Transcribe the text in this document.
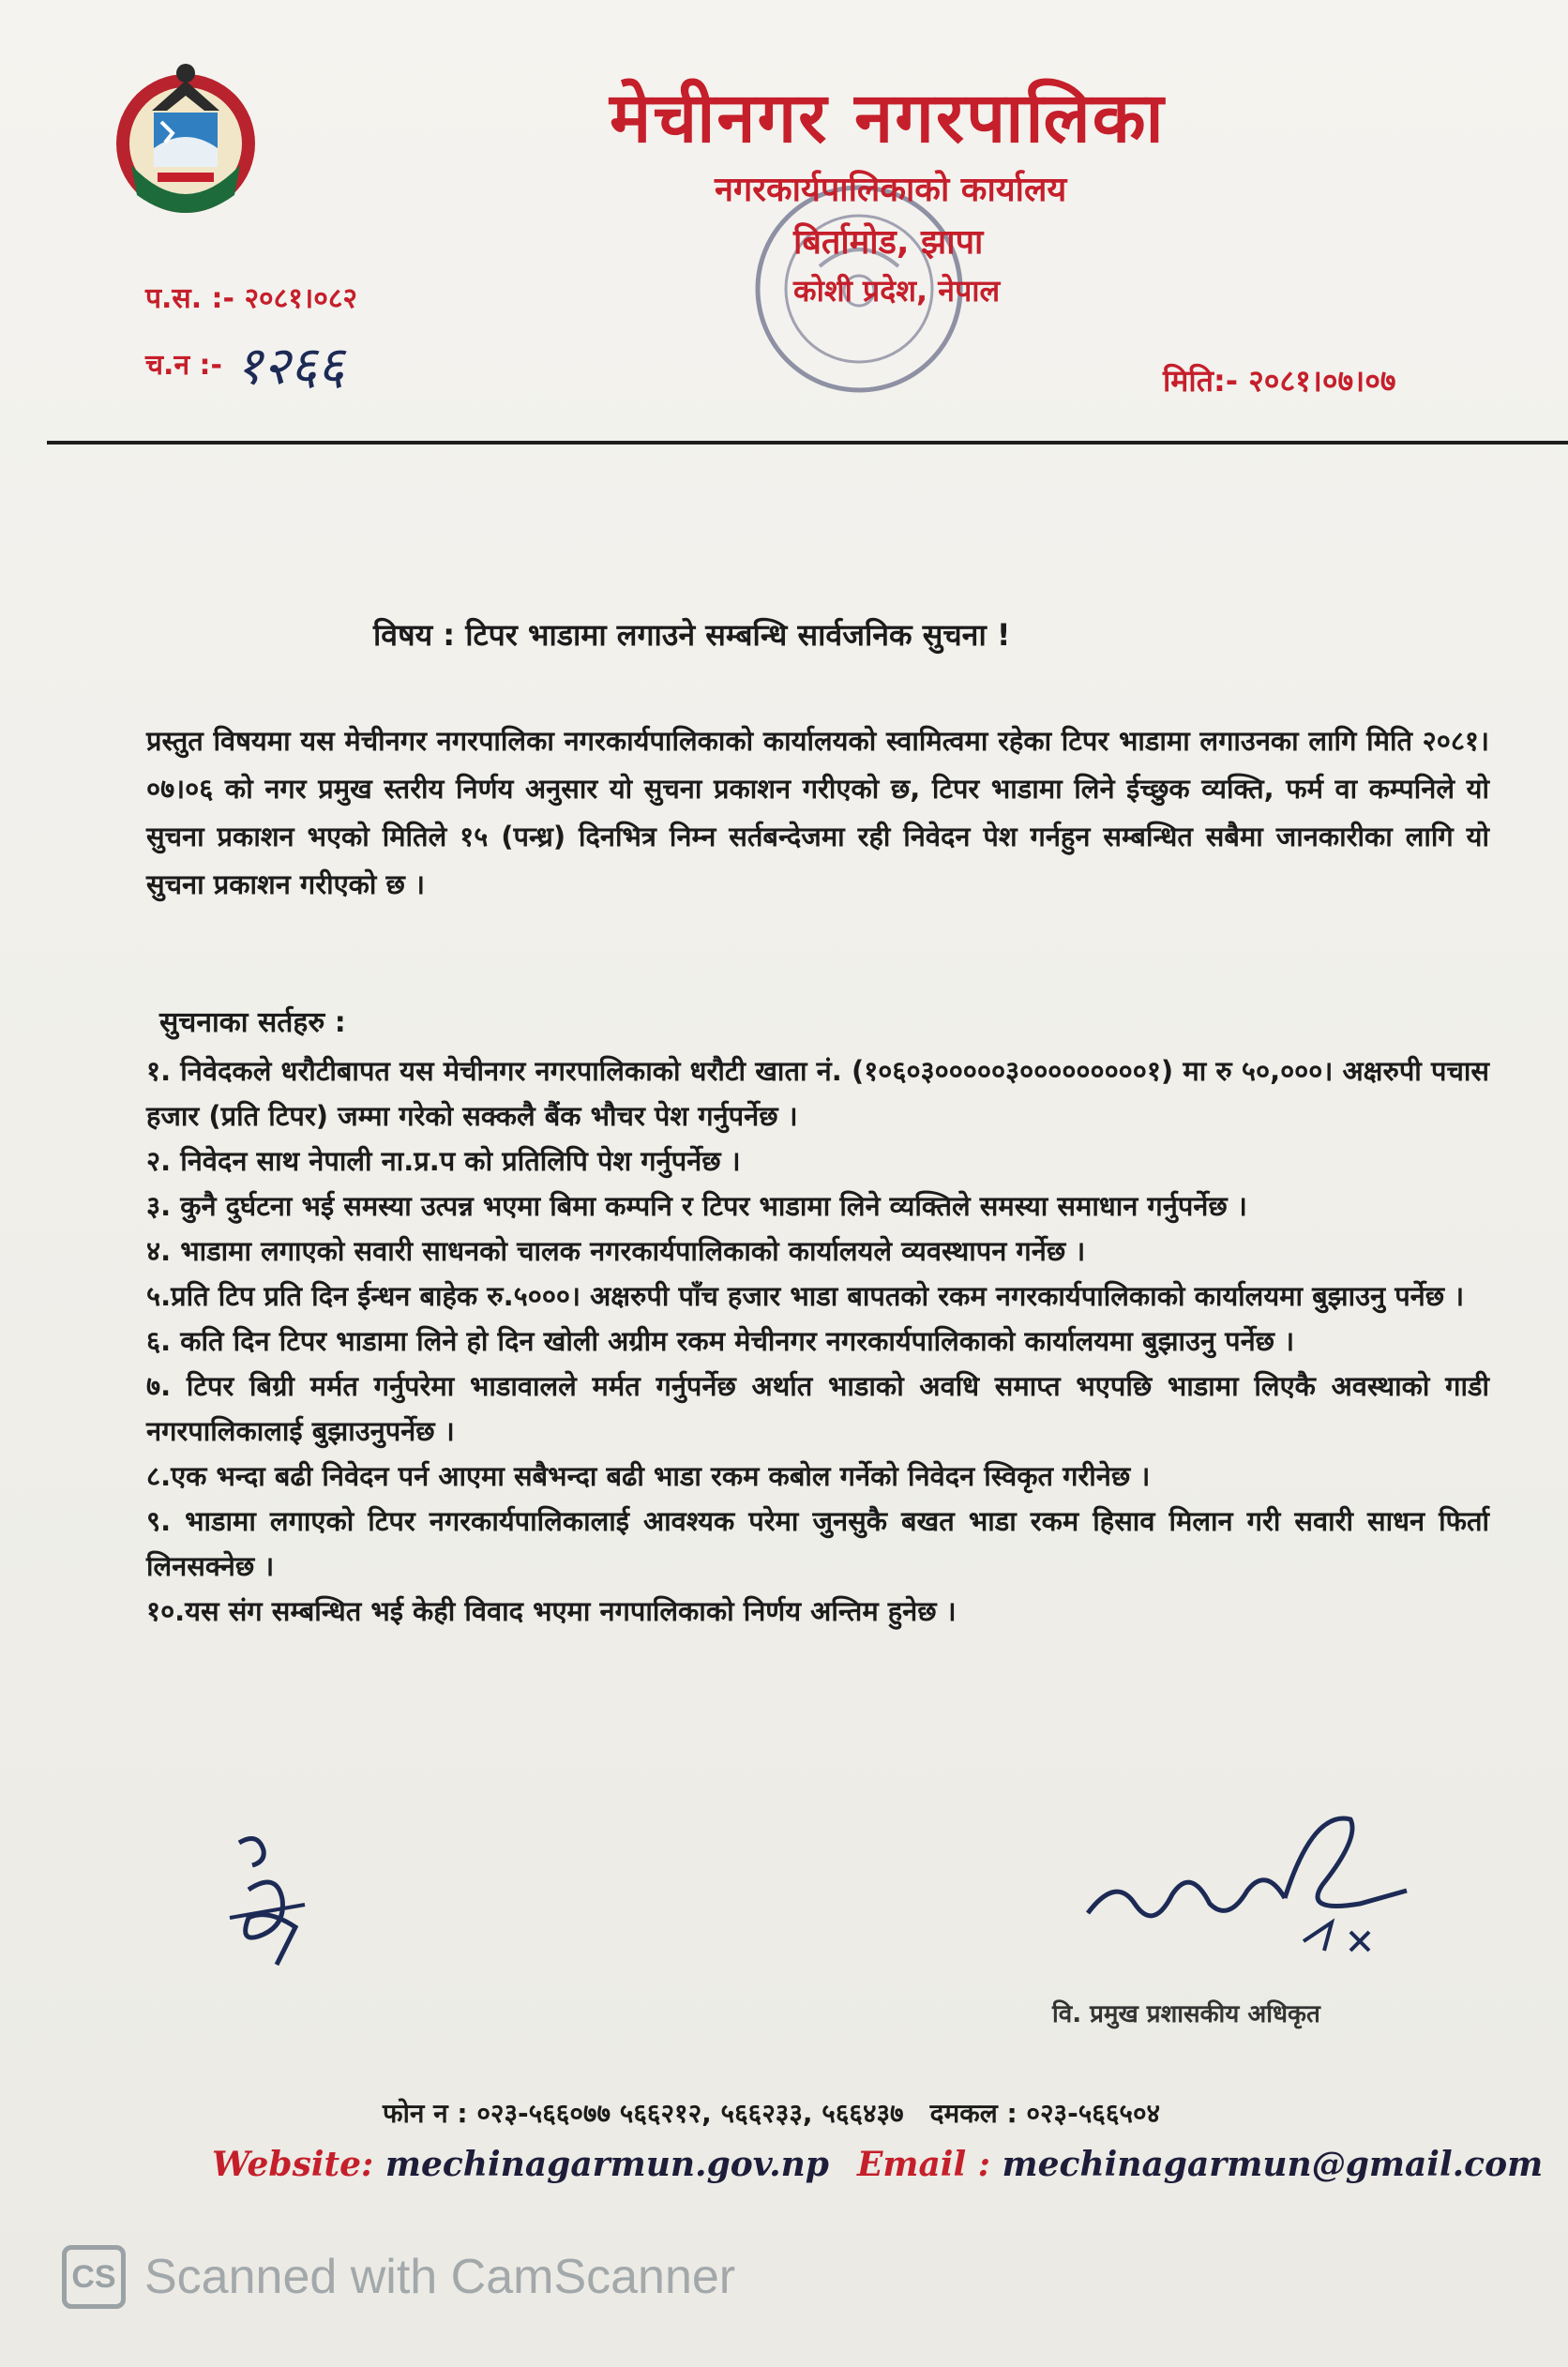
मेचीनगर नगरपालिका
नगरकार्यपालिकाको कार्यालय
बिर्तामोड, झापा
कोशी प्रदेश, नेपाल
प.स. :- २०८१।०८२
च.न :- १२६६	मिति:- २०८१।०७।०७
विषय : टिपर भाडामा लगाउने सम्बन्धि सार्वजनिक सुचना !
प्रस्तुत विषयमा यस मेचीनगर नगरपालिका नगरकार्यपालिकाको कार्यालयको स्वामित्वमा रहेका टिपर भाडामा लगाउनका लागि मिति २०८१।०७।०६ को नगर प्रमुख स्तरीय निर्णय अनुसार यो सुचना प्रकाशन गरीएको छ, टिपर भाडामा लिने ईच्छुक व्यक्ति, फर्म वा कम्पनिले यो सुचना प्रकाशन भएको मितिले १५ (पन्ध्र) दिनभित्र निम्न सर्तबन्देजमा रही निवेदन पेश गर्नहुन सम्बन्धित सबैमा जानकारीका लागि यो सुचना प्रकाशन गरीएको छ ।
सुचनाका सर्तहरु :
१. निवेदकले धरौटीबापत यस मेचीनगर नगरपालिकाको धरौटी खाता नं. (१०६०३०००००३०००००००००१) मा रु ५०,०००। अक्षरुपी पचास हजार (प्रति टिपर) जम्मा गरेको सक्कलै बैंक भौचर पेश गर्नुपर्नेछ ।
२. निवेदन साथ नेपाली ना.प्र.प को प्रतिलिपि पेश गर्नुपर्नेछ ।
३. कुनै दुर्घटना भई समस्या उत्पन्न भएमा बिमा कम्पनि र टिपर भाडामा लिने व्यक्तिले समस्या समाधान गर्नुपर्नेछ ।
४. भाडामा लगाएको सवारी साधनको चालक नगरकार्यपालिकाको कार्यालयले व्यवस्थापन गर्नेछ ।
५.प्रति टिप प्रति दिन ईन्धन बाहेक रु.५०००। अक्षरुपी पाँच हजार भाडा बापतको रकम नगरकार्यपालिकाको कार्यालयमा बुझाउनु पर्नेछ ।
६. कति दिन टिपर भाडामा लिने हो दिन खोली अग्रीम रकम मेचीनगर नगरकार्यपालिकाको कार्यालयमा बुझाउनु पर्नेछ ।
७. टिपर बिग्री मर्मत गर्नुपरेमा भाडावालले मर्मत गर्नुपर्नेछ अर्थात भाडाको अवधि समाप्त भएपछि भाडामा लिएकै अवस्थाको गाडी नगरपालिकालाई बुझाउनुपर्नेछ ।
८.एक भन्दा बढी निवेदन पर्न आएमा सबैभन्दा बढी भाडा रकम कबोल गर्नेको निवेदन स्विकृत गरीनेछ ।
९. भाडामा लगाएको टिपर नगरकार्यपालिकालाई आवश्यक परेमा जुनसुकै बखत भाडा रकम हिसाव मिलान गरी सवारी साधन फिर्ता लिनसक्नेछ ।
१०.यस संग सम्बन्धित भई केही विवाद भएमा नगपालिकाको निर्णय अन्तिम हुनेछ ।
वि. प्रमुख प्रशासकीय अधिकृत
फोन न : ०२३-५६६०७७ ५६६२१२, ५६६२३३, ५६६४३७ दमकल : ०२३-५६६५०४
Website: mechinagarmun.gov.np Email : mechinagarmun@gmail.com
CS Scanned with CamScanner
